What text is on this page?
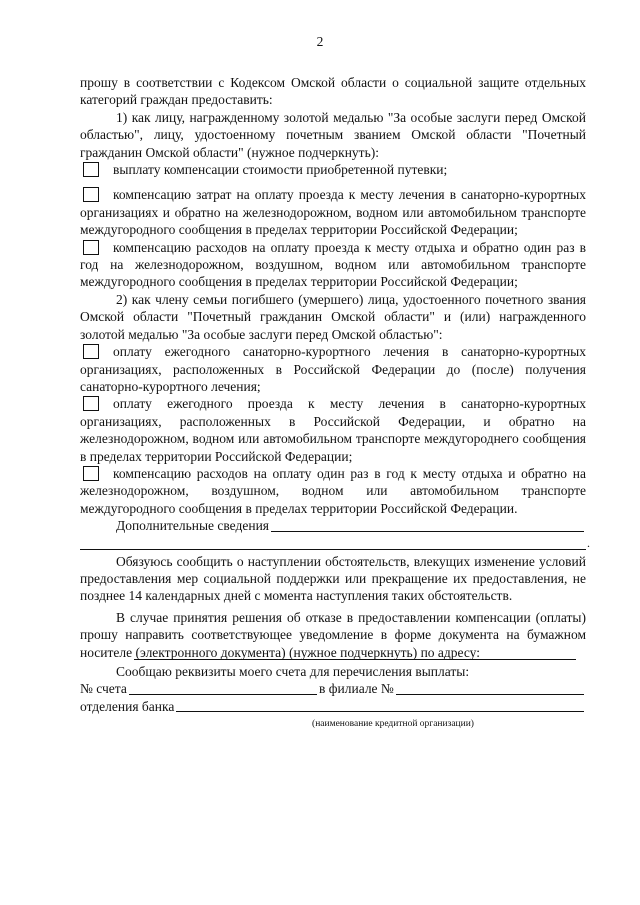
2

прошу в соответствии с Кодексом Омской области о социальной защите отдельных категорий граждан предоставить:

1) как лицу, награжденному золотой медалью "За особые заслуги перед Омской областью", лицу, удостоенному почетным званием Омской области "Почетный гражданин Омской области" (нужное подчеркнуть):

выплату компенсации стоимости приобретенной путевки;

компенсацию затрат на оплату проезда к месту лечения в санаторно-курортных организациях и обратно на железнодорожном, водном или автомобильном транспорте междугородного сообщения в пределах территории Российской Федерации;

компенсацию расходов на оплату проезда к месту отдыха и обратно один раз в год на железнодорожном, воздушном, водном или автомобильном транспорте междугородного сообщения в пределах территории Российской Федерации;

2) как члену семьи погибшего (умершего) лица, удостоенного почетного звания Омской области "Почетный гражданин Омской области" и (или) награжденного золотой медалью "За особые заслуги перед Омской областью":

оплату ежегодного санаторно-курортного лечения в санаторно-курортных организациях, расположенных в Российской Федерации до (после) получения санаторно-курортного лечения;

оплату ежегодного проезда к месту лечения в санаторно-курортных организациях, расположенных в Российской Федерации, и обратно на железнодорожном, водном или автомобильном транспорте междугороднего сообщения в пределах территории Российской Федерации;

компенсацию расходов на оплату один раз в год к месту отдыха и обратно на железнодорожном, воздушном, водном или автомобильном транспорте междугородного сообщения в пределах территории Российской Федерации.

Дополнительные сведения
.

Обязуюсь сообщить о наступлении обстоятельств, влекущих изменение условий предоставления мер социальной поддержки или прекращение их предоставления, не позднее 14 календарных дней с момента наступления таких обстоятельств.

В случае принятия решения об отказе в предоставлении компенсации (оплаты) прошу направить соответствующее уведомление в форме документа на бумажном носителе (электронного документа) (нужное подчеркнуть) по адресу:

Сообщаю реквизиты моего счета для перечисления выплаты:

№ счета	в филиале №
отделения банка
(наименование кредитной организации)
